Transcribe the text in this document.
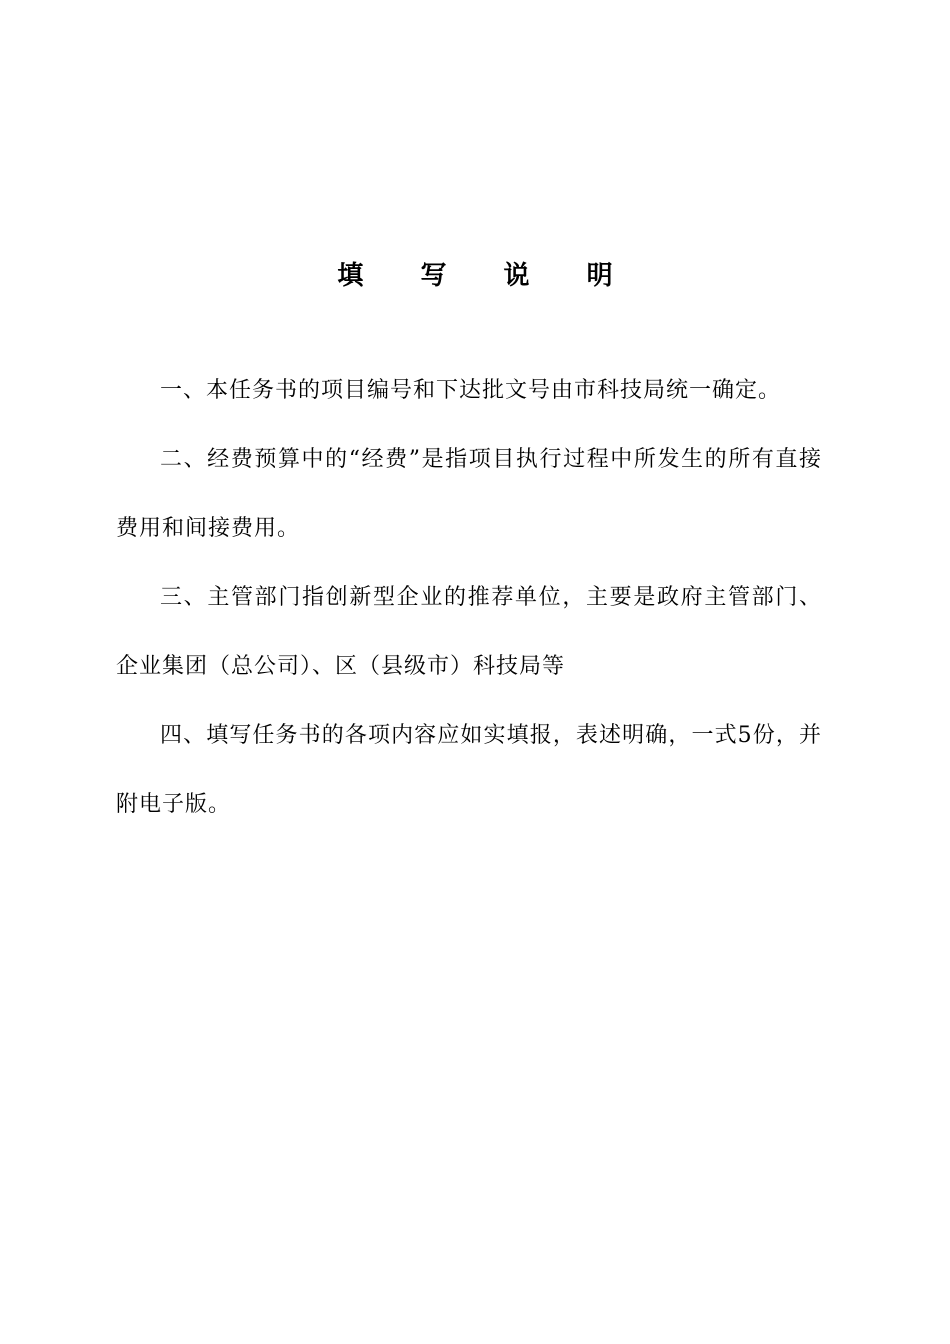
填 写 说 明

一、本任务书的项目编号和下达批文号由市科技局统一确定。

二、经费预算中的“经费”是指项目执行过程中所发生的所有直接费用和间接费用。

三、主管部门指创新型企业的推荐单位，主要是政府主管部门、企业集团（总公司）、区（县级市）科技局等

四、填写任务书的各项内容应如实填报，表述明确，一式5份，并附电子版。
